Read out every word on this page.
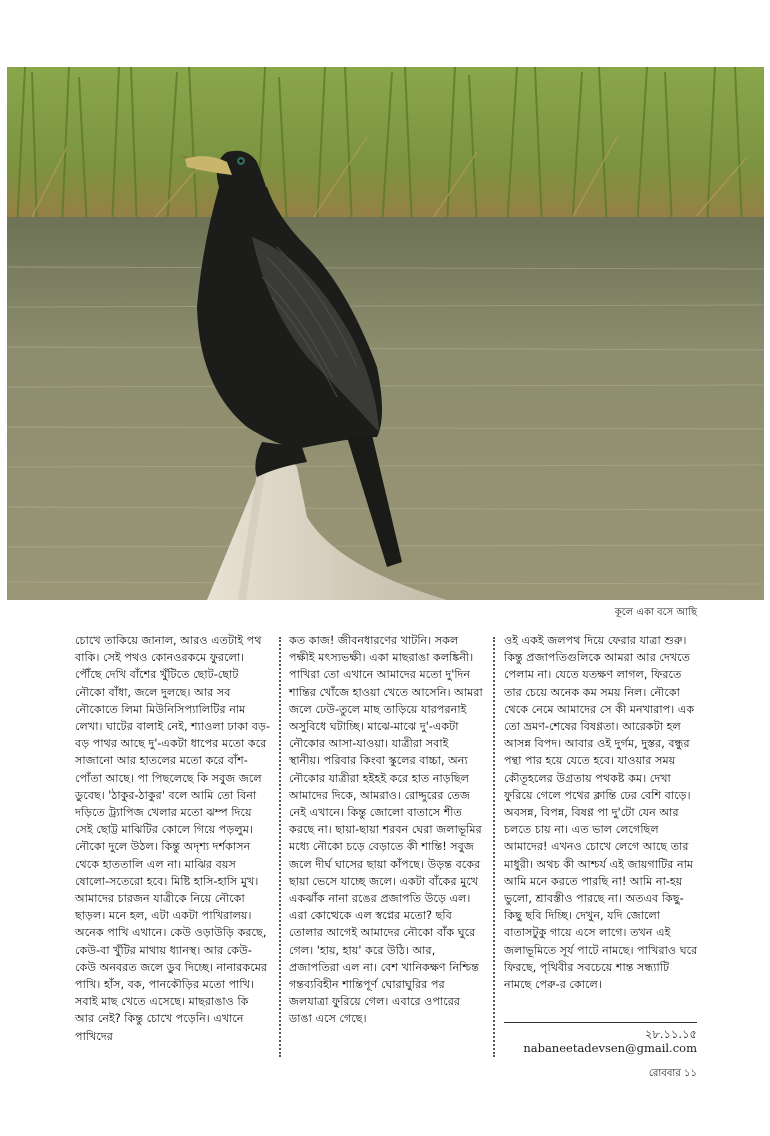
কূলে একা বসে আছি

চোখে তাকিয়ে জানাল, আরও এতটাই পথ বাকি। সেই পথও কোনওরকমে ফুরলো। পৌঁছে দেখি বাঁশের খুঁটিতে ছোট-ছোট নৌকো বাঁধা, জলে দুলছে। আর সব নৌকোতে লিমা মিউনিসিপ্যালিটির নাম লেখা। ঘাটের বালাই নেই, শ্যাওলা ঢাকা বড়-বড় পাথর আছে দু'-একটা ধাপের মতো করে সাজানো আর হাতলের মতো করে বাঁশ-পোঁতা আছে। পা পিছলেছে কি সবুজ জলে ডুবেছ। 'ঠাকুর-ঠাকুর' বলে আমি তো বিনা দড়িতে ট্র্যাপিজ খেলার মতো ঝম্প দিয়ে সেই ছোট্ট মাঝিটির কোলে গিয়ে পড়লুম। নৌকো দুলে উঠল। কিন্তু অদৃশ্য দর্শকাসন থেকে হাততালি এল না। মাঝির বয়স ষোলো-সতেরো হবে। মিষ্টি হাসি-হাসি মুখ। আমাদের চারজন যাত্রীকে নিয়ে নৌকো ছাড়ল। মনে হল, এটা একটা পাখিরালয়। অনেক পাখি এখানে। কেউ ওড়াউড়ি করছে, কেউ-বা খুঁটির মাথায় ধ্যানস্থ। আর কেউ-কেউ অনবরত জলে ডুব দিচ্ছে। নানারকমের পাখি। হাঁস, বক, পানকৌড়ির মতো পাখি। সবাই মাছ খেতে এসেছে। মাছরাঙাও কি আর নেই? কিন্তু চোখে পড়েনি। এখানে পাখিদের

কত কাজ! জীবনধারণের খাটনি। সকল পক্ষীই মৎস্যভক্ষী। একা মাছরাঙা কলঙ্কিনী। পাখিরা তো এখানে আমাদের মতো দু'দিন শান্তির খোঁজে হাওয়া খেতে আসেনি। আমরা জলে ঢেউ-তুলে মাছ তাড়িয়ে যারপরনাই অসুবিধে ঘটাচ্ছি। মাঝে-মাঝে দু'-একটা নৌকোর আসা-যাওয়া। যাত্রীরা সবাই স্থানীয়। পরিবার কিংবা স্কুলের বাচ্চা, অন্য নৌকোর যাত্রীরা হইহই করে হাত নাড়ছিল আমাদের দিকে, আমরাও। রোদ্দুরের তেজ নেই এখানে। কিন্তু জোলো বাতাসে শীত করছে না। ছায়া-ছায়া শরবন ঘেরা জলাভূমির মধ্যে নৌকো চড়ে বেড়াতে কী শান্তি! সবুজ জলে দীর্ঘ ঘাসের ছায়া কাঁপছে। উড়ন্ত বকের ছায়া ভেসে যাচ্ছে জলে। একটা বাঁকের মুখে একঝাঁক নানা রঙের প্রজাপতি উড়ে এল। এরা কোত্থেকে এল স্বপ্নের মতো? ছবি তোলার আগেই আমাদের নৌকো বাঁক ঘুরে গেল। 'হায়, হায়' করে উঠি। আর, প্রজাপতিরা এল না। বেশ খানিকক্ষণ নিশ্চিন্ত গন্তব্যবিহীন শান্তিপূর্ণ ঘোরাঘুরির পর জলযাত্রা ফুরিয়ে গেল। এবারে ওপারের ডাঙা এসে গেছে।

ওই একই জলপথ দিয়ে ফেরার যাত্রা শুরু। কিন্তু প্রজাপতিগুলিকে আমরা আর দেখতে পেলাম না। যেতে যতক্ষণ লাগল, ফিরতে তার চেয়ে অনেক কম সময় নিল। নৌকো থেকে নেমে আমাদের সে কী মনখারাপ। এক তো ভ্রমণ-শেষের বিষণ্ণতা। আরেকটা হল আসন্ন বিপদ। আবার ওই দুর্গম, দুস্তর, বন্ধুর পন্থা পার হয়ে যেতে হবে। যাওয়ার সময় কৌতূহলের উগ্রতায় পথকষ্ট কম। দেখা ফুরিয়ে গেলে পথের ক্লান্তি ঢের বেশি বাড়ে। অবসন্ন, বিপন্ন, বিষণ্ণ পা দু'টো যেন আর চলতে চায় না। এত ভাল লেগেছিল আমাদের! এখনও চোখে লেগে আছে তার মাধুরী। অথচ কী আশ্চর্য এই জায়গাটির নাম আমি মনে করতে পারছি না! আমি না-হয় ভুলো, শ্রাবস্তীও পারছে না। অতএব কিছু-কিছু ছবি দিচ্ছি। দেখুন, যদি জোলো বাতাসটুকু গায়ে এসে লাগে। তখন এই জলাভূমিতে সূর্য পাটে নামছে। পাখিরাও ঘরে ফিরছে, পৃথিবীর সবচেয়ে শান্ত সন্ধ্যাটি নামছে পেরু-র কোলে।

২৮.১১.১৫
nabaneetadevsen@gmail.com
রোববার ১১
